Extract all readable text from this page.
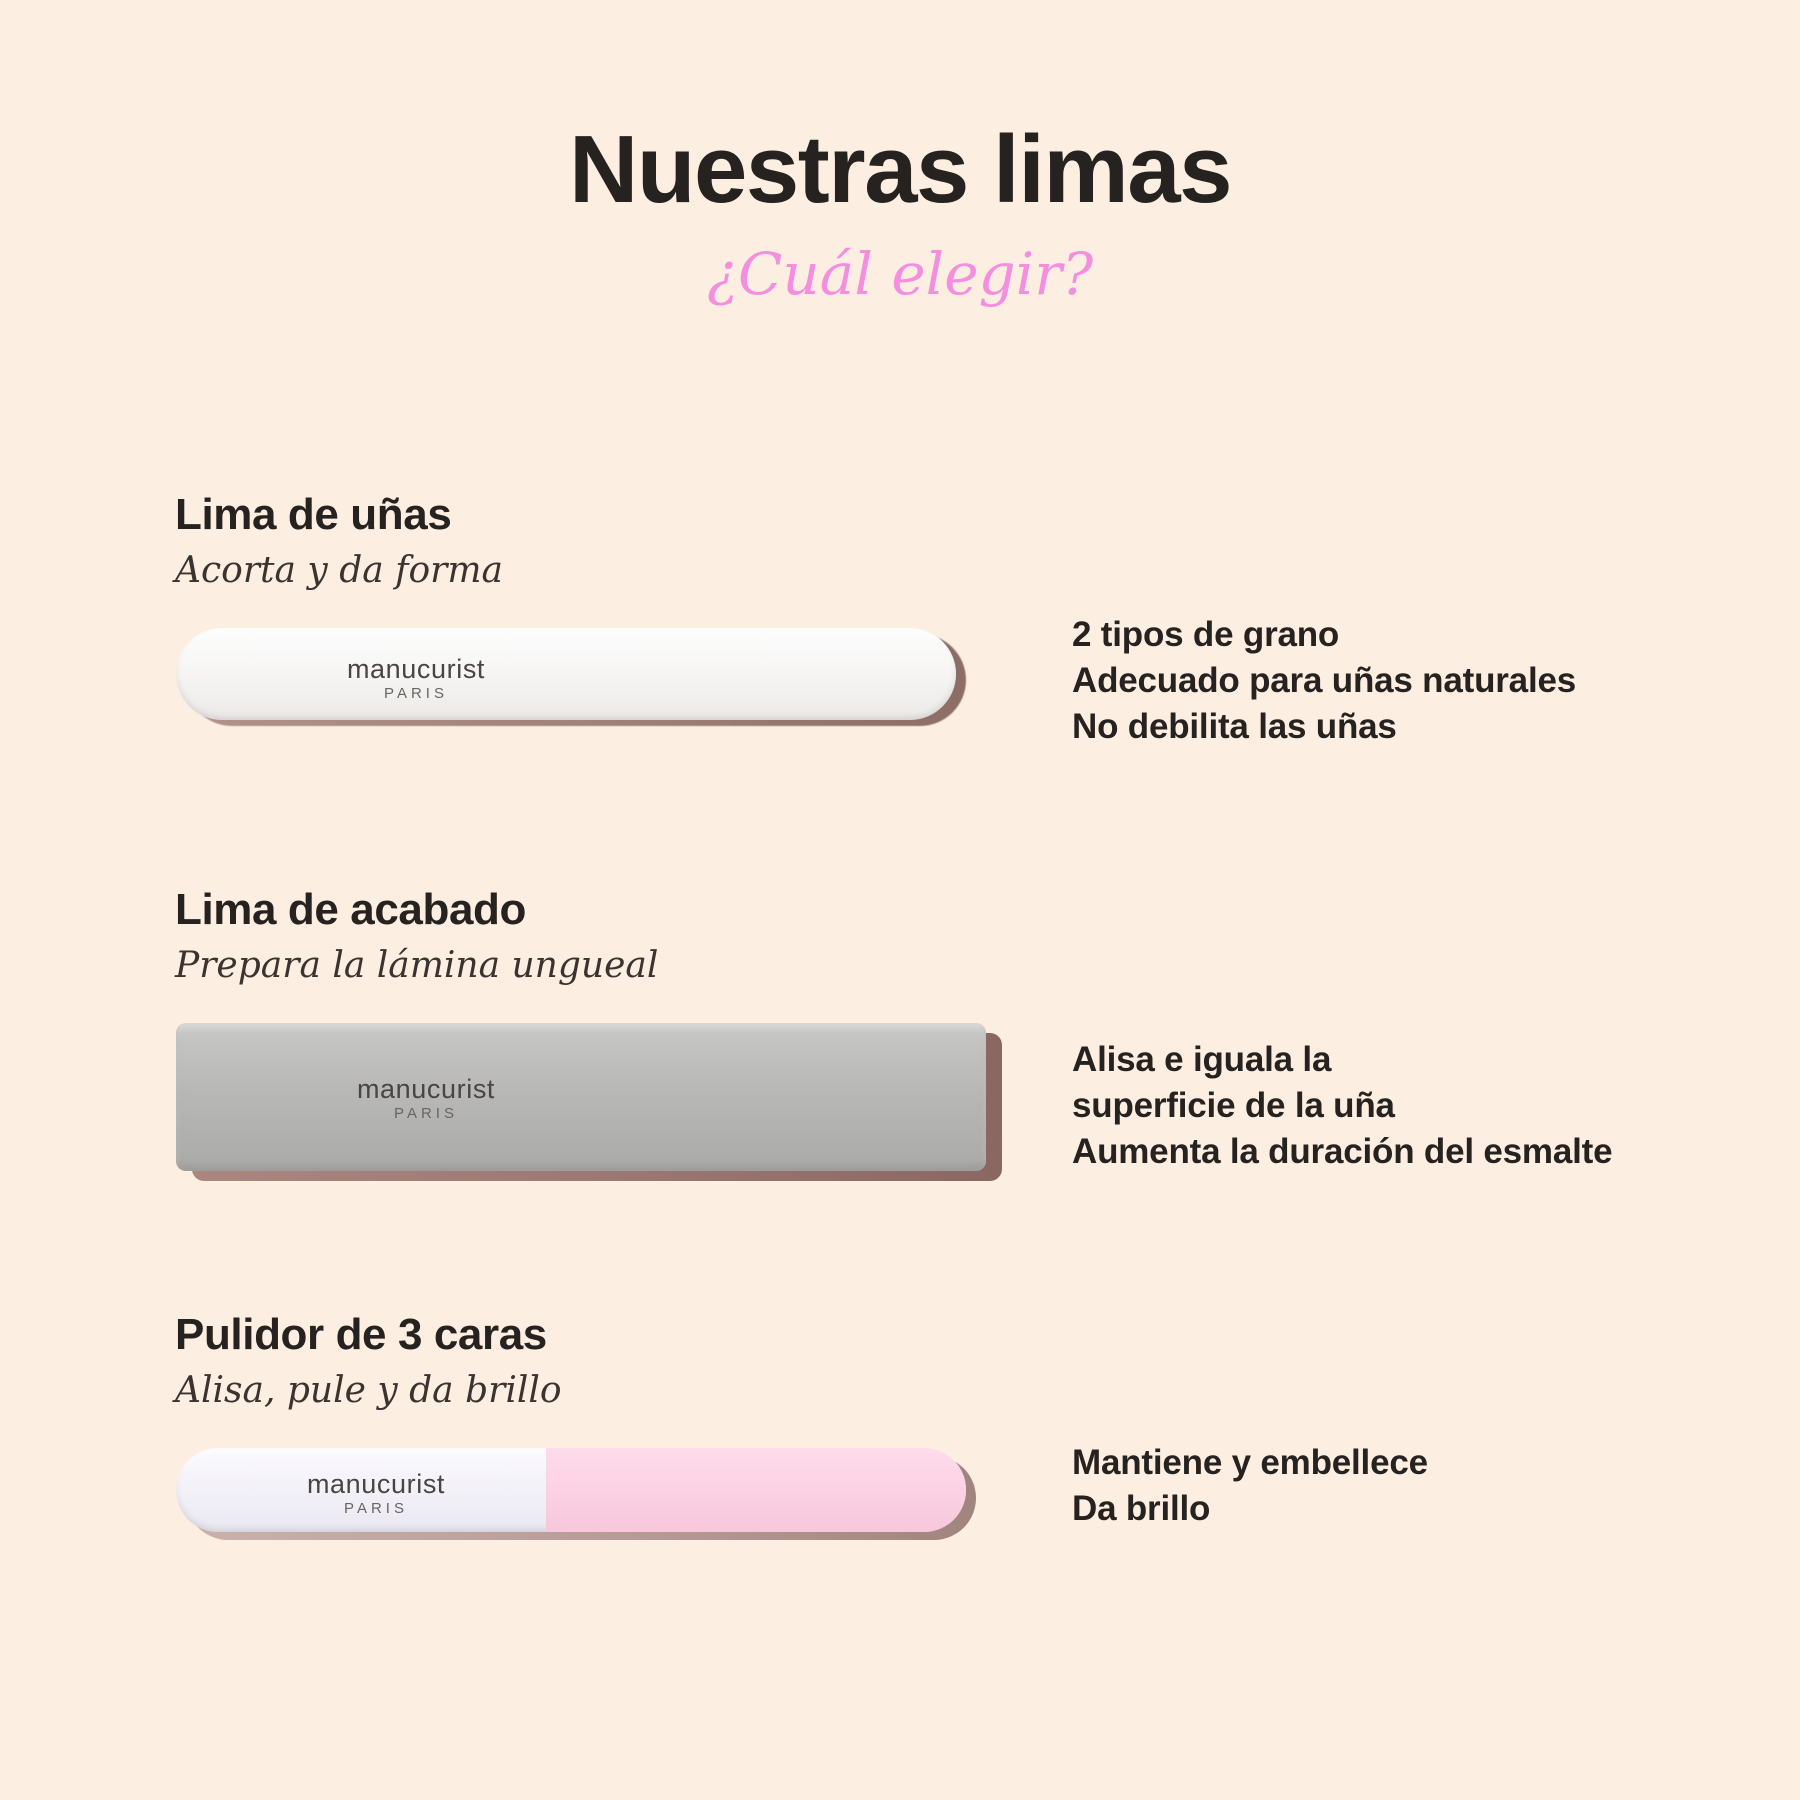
Nuestras limas

¿Cuál elegir?

Lima de uñas

Acorta y da forma

manucurist
PARIS
2 tipos de grano
Adecuado para uñas naturales
No debilita las uñas
Lima de acabado

Prepara la lámina ungueal

manucurist
PARIS
Alisa e iguala la
superficie de la uña
Aumenta la duración del esmalte
Pulidor de 3 caras

Alisa, pule y da brillo

manucurist
PARIS
Mantiene y embellece
Da brillo
